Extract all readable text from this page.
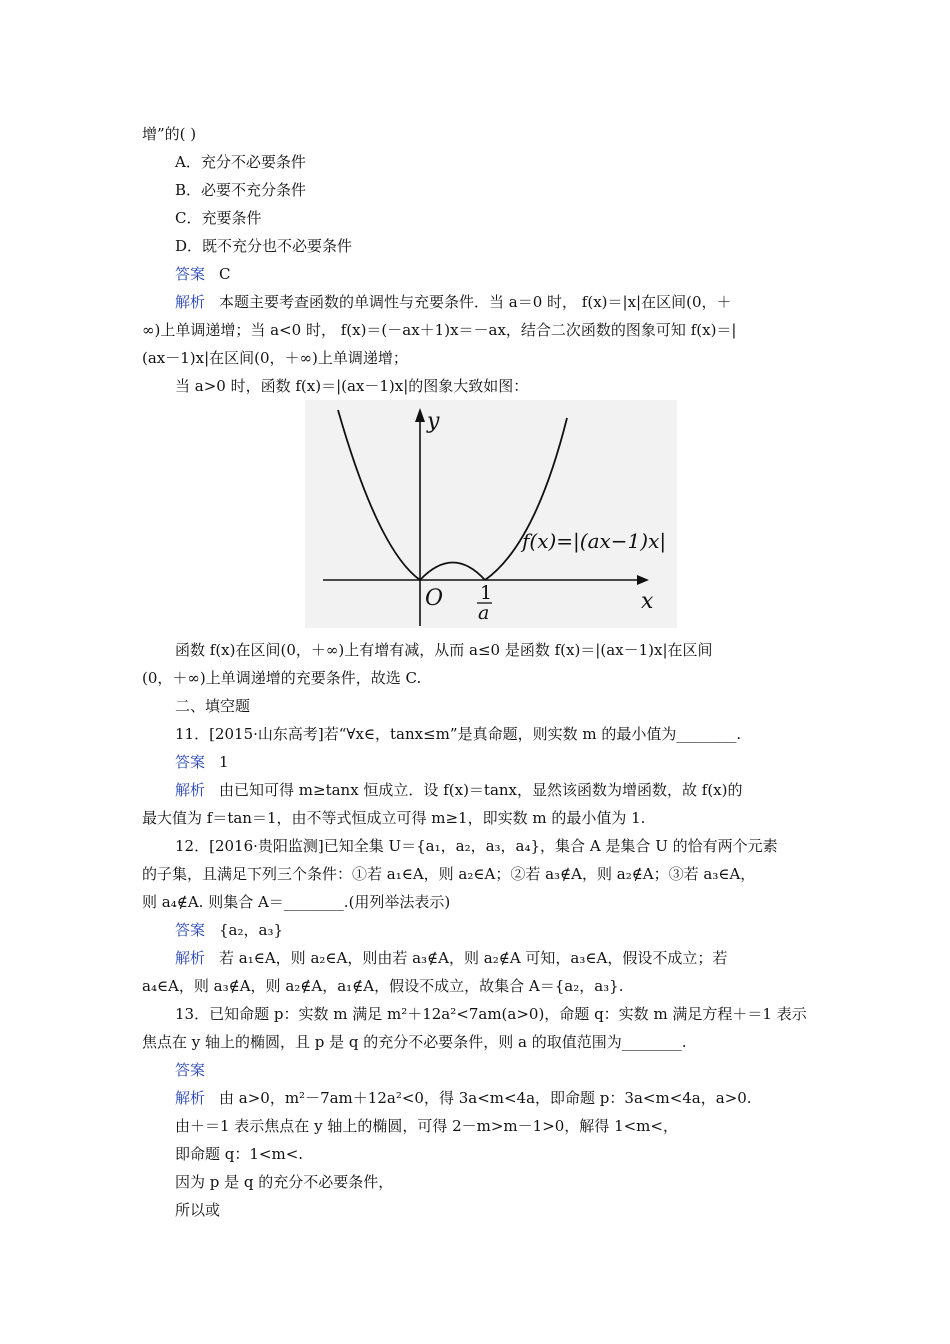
增”的( )
A．充分不必要条件
B．必要不充分条件
C．充要条件
D．既不充分也不必要条件
答案 C
解析 本题主要考查函数的单调性与充要条件．当 a＝0 时， f(x)＝|x|在区间(0，＋
∞)上单调递增；当 a<0 时， f(x)＝(－ax＋1)x＝－ax，结合二次函数的图象可知 f(x)＝|
(ax－1)x|在区间(0，＋∞)上单调递增；
当 a>0 时，函数 f(x)＝|(ax－1)x|的图象大致如图：
y
x
O 1
a
f(x)=|(ax−1)x|
函数 f(x)在区间(0，＋∞)上有增有减，从而 a≤0 是函数 f(x)＝|(ax－1)x|在区间
(0，＋∞)上单调递增的充要条件，故选 C.
二、填空题
11．[2015·山东高考]若“∀x∈，tanx≤m”是真命题，则实数 m 的最小值为________.
答案 1
解析 由已知可得 m≥tanx 恒成立．设 f(x)＝tanx，显然该函数为增函数，故 f(x)的
最大值为 f＝tan＝1，由不等式恒成立可得 m≥1，即实数 m 的最小值为 1.
12．[2016·贵阳监测]已知全集 U＝{a₁，a₂，a₃，a₄}，集合 A 是集合 U 的恰有两个元素
的子集，且满足下列三个条件：①若 a₁∈A，则 a₂∈A；②若 a₃∉A，则 a₂∉A；③若 a₃∈A，
则 a₄∉A. 则集合 A＝________.(用列举法表示)
答案 {a₂，a₃}
解析 若 a₁∈A，则 a₂∈A，则由若 a₃∉A，则 a₂∉A 可知，a₃∈A，假设不成立；若
a₄∈A，则 a₃∉A，则 a₂∉A，a₁∉A，假设不成立，故集合 A＝{a₂，a₃}.
13．已知命题 p：实数 m 满足 m²＋12a²<7am(a>0)，命题 q：实数 m 满足方程＋＝1 表示
焦点在 y 轴上的椭圆，且 p 是 q 的充分不必要条件，则 a 的取值范围为________.
答案
解析 由 a>0，m²－7am＋12a²<0，得 3a<m<4a，即命题 p：3a<m<4a，a>0.
由＋＝1 表示焦点在 y 轴上的椭圆，可得 2－m>m－1>0，解得 1<m<，
即命题 q：1<m<.
因为 p 是 q 的充分不必要条件，
所以或
